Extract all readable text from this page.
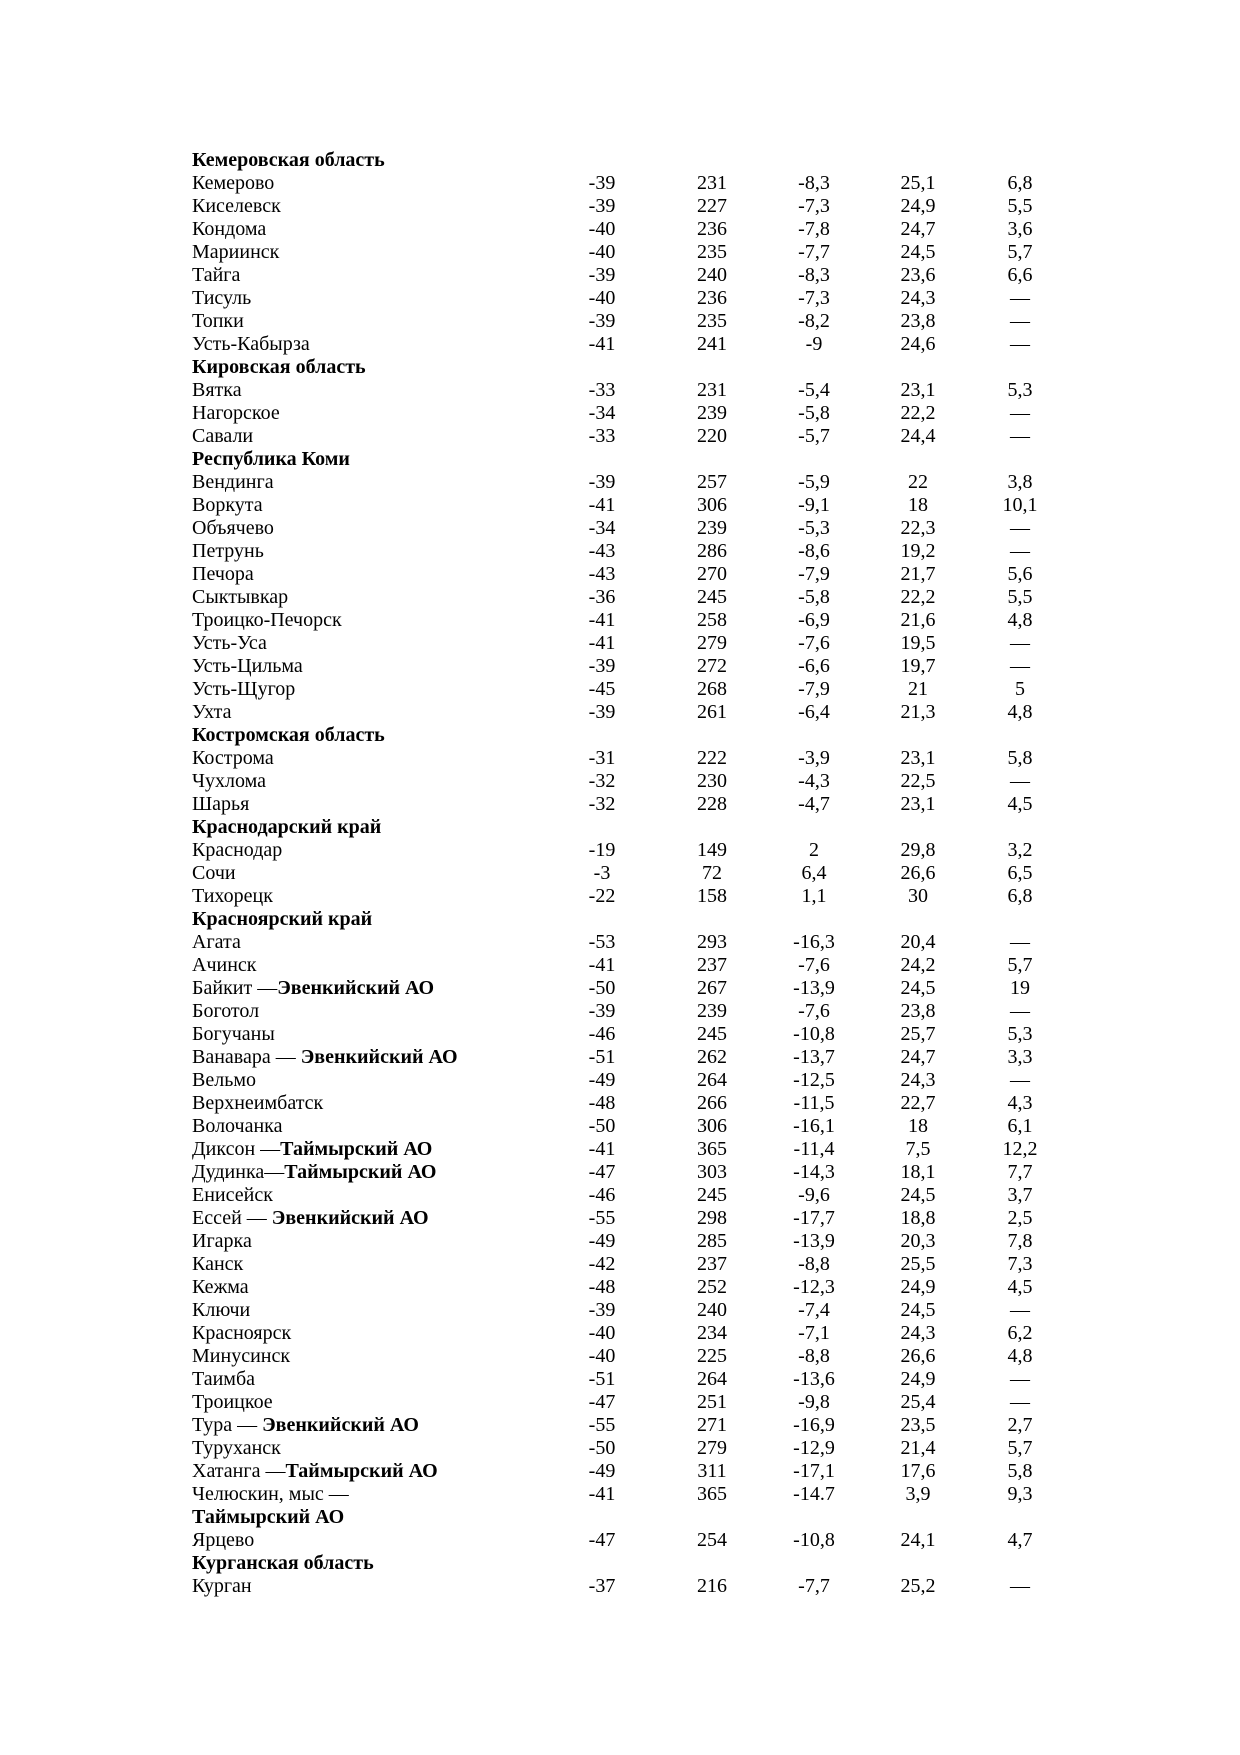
Кемеровская область
Кемерово	-39	231	-8,3	25,1	6,8
Киселевск	-39	227	-7,3	24,9	5,5
Кондома	-40	236	-7,8	24,7	3,6
Мариинск	-40	235	-7,7	24,5	5,7
Тайга	-39	240	-8,3	23,6	6,6
Тисуль	-40	236	-7,3	24,3	—
Топки	-39	235	-8,2	23,8	—
Усть-Кабырза	-41	241	-9	24,6	—
Кировская область
Вятка	-33	231	-5,4	23,1	5,3
Нагорское	-34	239	-5,8	22,2	—
Савали	-33	220	-5,7	24,4	—
Республика Коми
Вендинга	-39	257	-5,9	22	3,8
Воркута	-41	306	-9,1	18	10,1
Объячево	-34	239	-5,3	22,3	—
Петрунь	-43	286	-8,6	19,2	—
Печора	-43	270	-7,9	21,7	5,6
Сыктывкар	-36	245	-5,8	22,2	5,5
Троицко-Печорск	-41	258	-6,9	21,6	4,8
Усть-Уса	-41	279	-7,6	19,5	—
Усть-Цильма	-39	272	-6,6	19,7	—
Усть-Щугор	-45	268	-7,9	21	5
Ухта	-39	261	-6,4	21,3	4,8
Костромская область
Кострома	-31	222	-3,9	23,1	5,8
Чухлома	-32	230	-4,3	22,5	—
Шарья	-32	228	-4,7	23,1	4,5
Краснодарский край
Краснодар	-19	149	2	29,8	3,2
Сочи	-3	72	6,4	26,6	6,5
Тихорецк	-22	158	1,1	30	6,8
Красноярский край
Агата	-53	293	-16,3	20,4	—
Ачинск	-41	237	-7,6	24,2	5,7
Байкит —Эвенкийский АО	-50	267	-13,9	24,5	19
Боготол	-39	239	-7,6	23,8	—
Богучаны	-46	245	-10,8	25,7	5,3
Ванавара — Эвенкийский АО	-51	262	-13,7	24,7	3,3
Вельмо	-49	264	-12,5	24,3	—
Верхнеимбатск	-48	266	-11,5	22,7	4,3
Волочанка	-50	306	-16,1	18	6,1
Диксон —Таймырский АО	-41	365	-11,4	7,5	12,2
Дудинка—Таймырский АО	-47	303	-14,3	18,1	7,7
Енисейск	-46	245	-9,6	24,5	3,7
Ессей — Эвенкийский АО	-55	298	-17,7	18,8	2,5
Игарка	-49	285	-13,9	20,3	7,8
Канск	-42	237	-8,8	25,5	7,3
Кежма	-48	252	-12,3	24,9	4,5
Ключи	-39	240	-7,4	24,5	—
Красноярск	-40	234	-7,1	24,3	6,2
Минусинск	-40	225	-8,8	26,6	4,8
Таимба	-51	264	-13,6	24,9	—
Троицкое	-47	251	-9,8	25,4	—
Тура — Эвенкийский АО	-55	271	-16,9	23,5	2,7
Туруханск	-50	279	-12,9	21,4	5,7
Хатанга —Таймырский АО	-49	311	-17,1	17,6	5,8
Челюскин, мыс —	-41	365	-14.7	3,9	9,3
Таймырский АО
Ярцево	-47	254	-10,8	24,1	4,7
Курганская область
Курган	-37	216	-7,7	25,2	—
